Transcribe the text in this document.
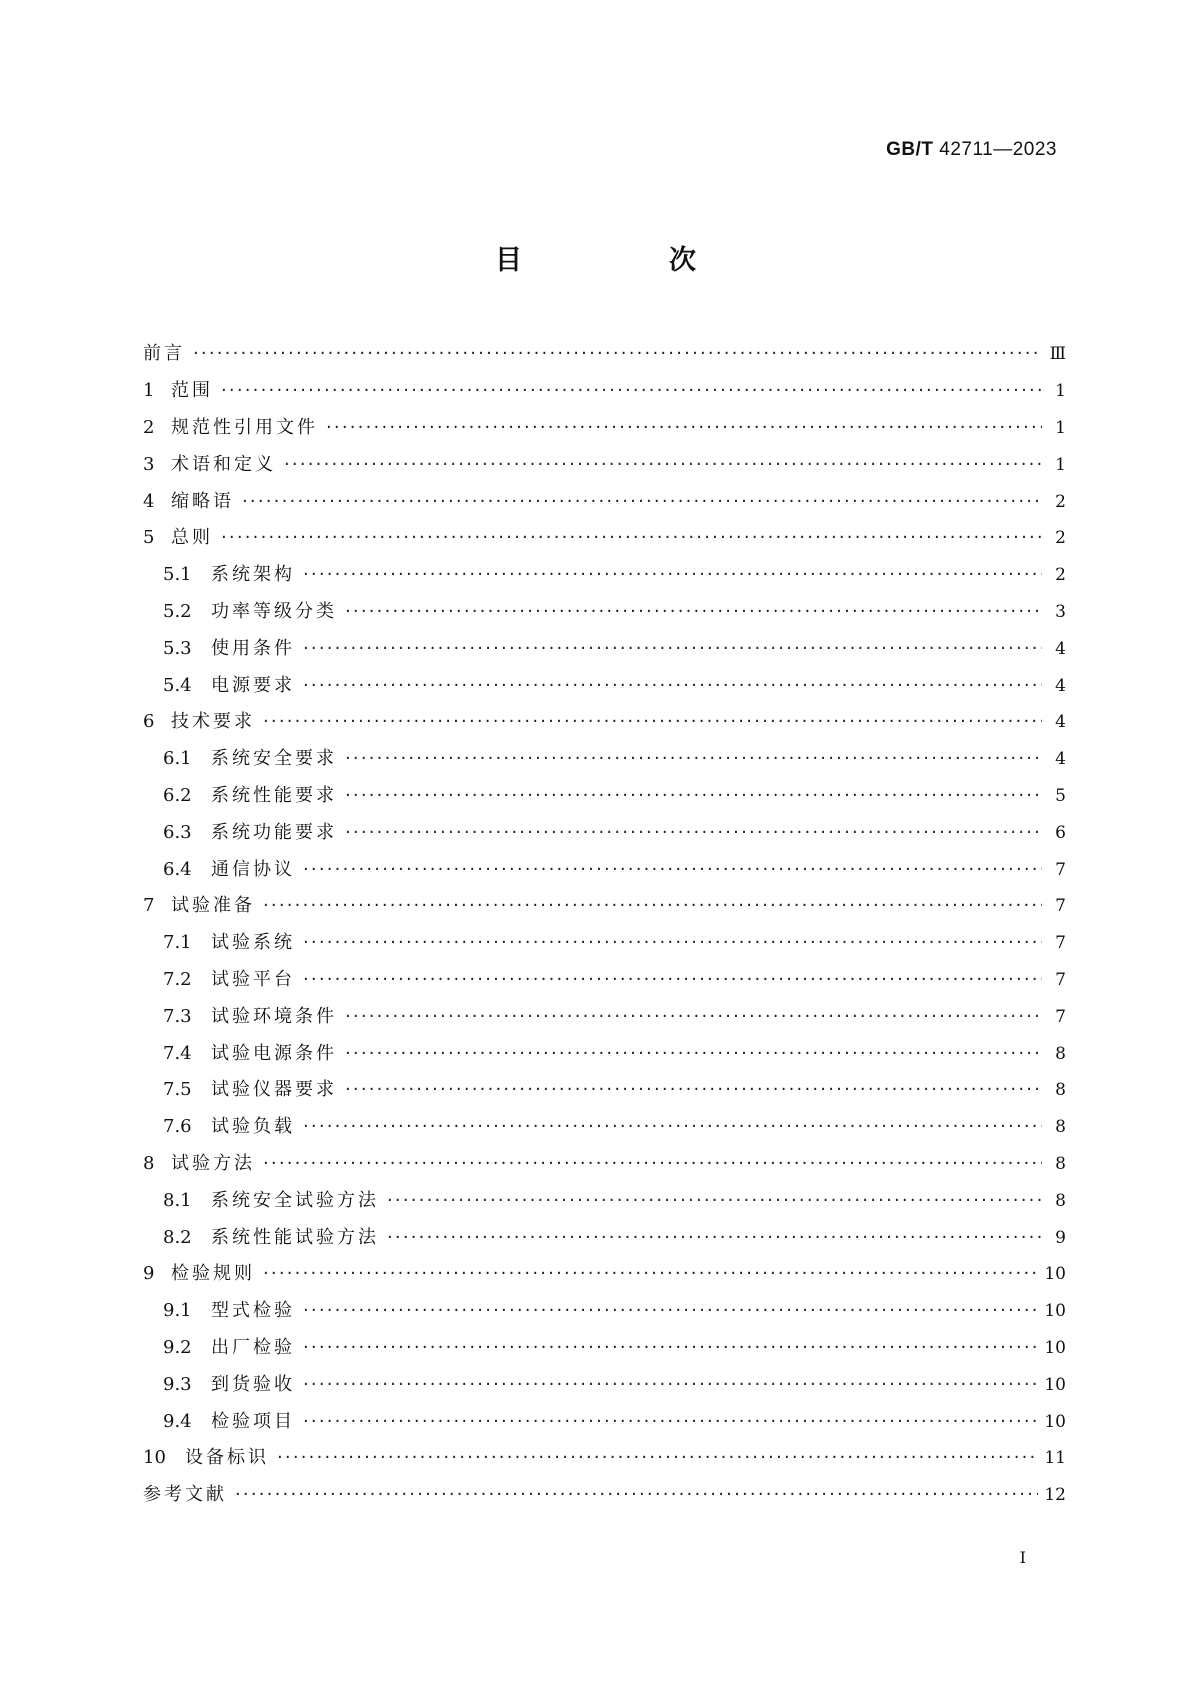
GB/T 42711—2023
目　次
前言 ·····	Ⅲ
1 范围 ·····	1
2 规范性引用文件 ·····	1
3 术语和定义 ·····	1
4 缩略语 ·····	2
5 总则 ·····	2
5.1	系统架构 ·····	2
5.2	功率等级分类 ·····	3
5.3	使用条件 ·····	4
5.4	电源要求 ·····	4
6 技术要求 ·····	4
6.1	系统安全要求 ·····	4
6.2	系统性能要求 ·····	5
6.3	系统功能要求 ·····	6
6.4	通信协议 ·····	7
7 试验准备 ·····	7
7.1	试验系统 ·····	7
7.2	试验平台 ·····	7
7.3	试验环境条件 ·····	7
7.4	试验电源条件 ·····	8
7.5	试验仪器要求 ·····	8
7.6	试验负载 ·····	8
8 试验方法 ·····	8
8.1	系统安全试验方法 ·····	8
8.2	系统性能试验方法 ·····	9
9 检验规则 ·····	10
9.1	型式检验 ·····	10
9.2	出厂检验 ·····	10
9.3	到货验收 ·····	10
9.4	检验项目 ·····	10
10	设备标识 ·····	11
参考文献 ·····	12
Ⅰ
